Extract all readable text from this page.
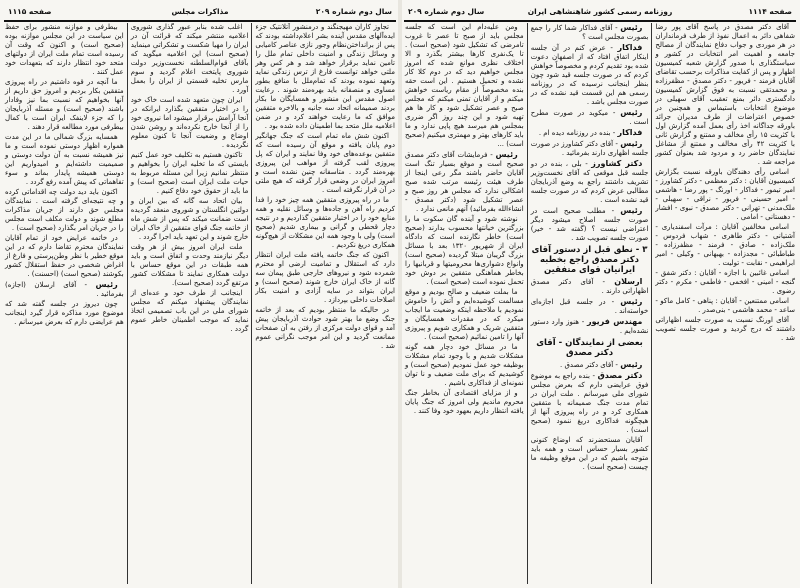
سال دوم شماره ۲۰۹
مذاکرات مجلس
صفحه ۱۱۱۵

تجاوز کاران مهیجنگند و درمنشور آتلانتیک جزء ایده‌آلهای مقدس آینده بشر اعلام‌داشته بودند که پس از برانداختن‌نظام وجور نازی عناصر کامیابی و وسائل زندگی و امنیت داخلی تمام ملل را تامین نماید برقرار خواهد شد و هر کس وهر ملتی خواهد توانست فارغ از ترس زندگی نماید وتعهد نموده بودند که تمام‌ملل با منافع بطور مساوی و منصفانه باید بهره‌مند شوند . رعایت اصول مقدس این منشور و همسایگان ما بکار بردند صمیمانه اتحاد سه جانبه و بالاخره متفقین موافق که ما رعایت خواهند کرد و در ضمن اعلامیه ملل متحد بما اطمینان داده شده بود .

اکنون شش ماه تمام است که جنگ جهانگیر دوم پایان یافته و موقع آن رسیده است که متفقین بوعده‌های خود وفا نمایند و ایران که پل پیروزی لقب گرفته از مواهب این پیروزی بهره‌مند گردد . متاسفانه چنین نشده است و امروز ایران در وضعی قرار گرفته که هیچ ملتی در آن قرار نگرفته است .

ما در راه پیروزی متفقین همه چیز خود را فدا کردیم راه آهن و جاده‌ها و وسائل نقلیه و همه منابع خود را در اختیار متفقین گذاردیم و در نتیجه دچار قحطی و گرانی و بیماری شدیم (صحیح است) ولی با وجود همه این مشکلات از هیچ‌گونه همکاری دریغ نکردیم .

اکنون که جنگ خاتمه یافته ملت ایران انتظار دارد که استقلال و تمامیت ارضی او محترم شمرده شود و نیروهای خارجی طبق پیمان سه گانه از خاک ایران خارج شوند (صحیح است) و ایران بتواند در سایه آزادی و امنیت بکار اصلاحات داخلی بپردازد .

در حالیکه ما منتظر بودیم که بعد از خاتمه جنگ وضع ما بهتر شود حوادث آذربایجان پیش آمد و قوای دولت مرکزی از رفتن به آن صفحات ممانعت گردید و این امر موجب نگرانی عموم شد .

اغلب شده بنابر عبور گذاری شوروی اعلامیه منتشر میکند که قرائت آن در ایران را مهیا شکست و تشکراتی مینماید (صحیح است) این اعلامیه میگوید که بآقای قوام‌السلطنه نخست‌وزیر دولت شوروی پایتخت اعلام گردید و سوم مارس تخلیه قسمتی از ایران را بعمل آورد .

ایران چون متعهد شده است خاک خود را در اختیار متفقین بگذارد ایرانکه در آنجا آرامش برقرار میشود اما نیروی خود را از آنجا خارج نکرده‌اند و روشن شدن اوضاع و وضعیت آنجا تا کنون معلوم نگردیده .

تاکنون هستیم به تکلیف خود عمل کنیم بایستی که ما تخلیه ایران را بخواهیم و منتظر نمانیم زیرا این مسئله مربوط به حیات ملت ایران است (صحیح است) و ما باید از حقوق خود دفاع کنیم .

بیان اتحاد سه گانه که بین ایران و دولتین انگلستان و شوروی منعقد گردیده است ضمانت میکند که پس از شش ماه از خاتمه جنگ قوای متفقین از خاک ایران خارج شوند و این تعهد باید اجرا گردد .

ملت ایران امروز بیش از هر وقت دیگر نیازمند وحدت و اتفاق است و باید همه طبقات در این موقع حساس با دولت همکاری نمایند تا مشکلات کشور مرتفع گردد (صحیح است).

اینجانب از طرف خود و عده‌ای از نمایندگان پیشنهاد میکنم که مجلس شورای ملی در این باب تصمیمی اتخاذ نماید که موجب اطمینان خاطر عموم گردد .

بیطرفی و موازنه منشور برای حفظ این سیاست در این مجلس موازنه بوده (صحیح است) و اکنون که وقت آن رسیده است تمام ملت ایران از دولتهای متحد خود انتظار دارند که بتعهدات خود عمل کنند .

ما آنچه در قوه داشتیم در راه پیروزی متفقین بکار بردیم و امروز حق داریم از آنها بخواهیم که نسبت بما نیز وفادار باشند (صحیح است) و مسئله آذربایجان را که جزء لاینفک ایران است با کمال بیطرفی مورد مطالعه قرار دهند .

همسایه بزرگ شمالی ما در این مدت همواره اظهار دوستی نموده است و ما نیز همیشه نسبت به آن دولت دوستی و صمیمیت داشته‌ایم و امیدواریم این دوستی همیشه پایدار بماند و سوء تفاهماتی که پیش آمده رفع گردد .

اکنون باید دید دولت چه اقداماتی کرده و چه نتیجه‌ای گرفته است . نمایندگان مجلس حق دارند از جریان مذاکرات مطلع شوند و دولت مکلف است مجلس را در جریان امر بگذارد (صحیح است) .

در خاتمه عرایض خود از تمام آقایان نمایندگان محترم تقاضا دارم که در این موقع خطیر با نظر وطن‌پرستی و فارغ از اغراض شخصی در حفظ استقلال کشور بکوشند (صحیح است) (احسنت) .

رئیس - آقای ارسلان (اجازه) بفرمائید .

چون دیروز در جلسه گفته شد که موضوع مورد مذاکره قرار گیرد اینجانب هم عرایضی دارم که بعرض میرسانم .

صفحه ۱۱۱۴
روزنامه رسمی کشور شاهنشاهی ایران
سال دوم شماره ۲۰۹

آقای دکتر مصدق در پاسخ آقای پور رضا شفاهی دائر به اعمال نفوذ از طرف فرمانداران در هر موردی و جواب دفاع نمایندگان از مصالح جامعه و اهمیت امر انتخابات در کشور و سیاستگذاری با صدور گزارش شعبه کمیسیون اظهار و پس از کفایت مذاکرات برحسب تقاضای آقایان فرمند - فریور - دکتر مصدق - مظفرزاده و محمدتقی نسبت به فوق گزارش کمیسیون دادگستری دائر بمنع تعقیب آقای سهیلی در موضوع انتخابات باستیماس و همچنین در خصوص اعتراضات از طرف مدیران جرائد باورقه جداگانه اخذ رأی بعمل آمده گزارش اول با کثریت ۱۵ رأی مخالف و ممتنع و گزارش ثانی با کثریت ۴۲ رأی مخالف و ممتنع از مشاغل نمایندگان حاضر رد و مردود شد بعنوان کشور مراجعه شد .

اسامی رأی دهندگان باورقه نسبت بگزارش کمیسیون آقایان : دکتر معظمی - دکتر کشاورز - امیر تیمور - فداکار - اورنگ - پور رضا - هاشمی - امیر حسینی - فریور - نراقی - سهیلی - ملک‌مدنی - تهرانی - دکتر مصدق - نبوی - افشار - دهستانی - امامی .

اسامی مخالفین آقایان : مرآت اسفندیاری - آشتیانی - دکتر طاهری - شهاب فردوس - ملک‌زاده - صادق - فرمند - مظفرزاده - طباطبائی - مجدزاده - بهبهانی - وکیلی - امیر ابراهیمی - نقابت - تولیت .

اسامی غائبین با اجازه - آقایان : دکتر شفق - گنجه - امینی - افخمی - فاطمی - مکرم - دکتر رضوی .

اسامی ممتنعین - آقایان : پناهی - کامل ماکو - ساعد - محمد هاشمی - بنی‌صدر .

آقای اورنگ نسبت به صورت جلسه اظهاراتی داشتند که درج گردید و صورت جلسه تصویب شد .

رئیس - آقای فداکار شما کار را جمع بصورت مجلس است ؟

فداکار - عرض کنم در آن جلسه اینکار اتفاق افتاد که از اصفهان دعوت شده بود تقدیم کردم و مخصوصاً خواهش کردم که در صورت جلسه قید شود چون بنظر اینجانب نرسیده که در روزنامه رسمی هم این قسمت قید نشده که در صورت مجلس باشد .

رئیس - میکوید در صورت مطرح است .

فداکار - بنده در روزنامه دیده ام .

رئیس - آقای دکتر کشاورز در صورت جلسه اظهاری دارند بفرمائید .

دکتر کشاورز - بلی ، بنده در دو جلسه قبل موقعی که آقای نخست‌وزیر تشریف داشتند راجع به وضع آذربایجان مطالبی عرض کردم که در صورت جلسه قید نشده است .

رئیس - مطلب صحیح است در صورت جلسه اصلاح میشود دیگر اعتراضی نیست ؟ (گفته شد - خیر) صورت جلسه تصویب شد .

۳ - نطق قبل از دستور آقای دکتر مصدق راجع بخطبه ایرانیان قوای متفقین

ارسلان - آقای دکتر مصدق اظهاراتی دارند .

رئیس - در جلسه قبل اجازه‌ای خواسته‌اند .

مهندس فریور - هنوز وارد دستور نشده‌ایم .

بعضی از نمایندگان - آقای دکتر مصدق

رئیس - آقای دکتر مصدق .

دکتر مصدق - بنده راجع به موضوع فوق عرایضی دارم که بعرض مجلس شورای ملی میرسانم . ملت ایران در تمام مدت جنگ صمیمانه با متفقین همکاری کرد و در راه پیروزی آنها از هیچگونه فداکاری دریغ ننمود (صحیح است) .

آقایان مستحضرند که اوضاع کنونی کشور بسیار حساس است و همه باید متوجه باشیم که در این موقع وظیفه ما چیست (صحیح است) .

ومن علیه‌دام این است که جلسه مجلس باید از صبح تا عصر تا غروب تامرضی که تشکیل شود (صحیح است) . تا یک‌نفری کارها بیشتر بگذرد و الا اختلاف نظری موانع شده که امروز مجلس خواهیم دید که در دوم کلا کار نشده و تحمیل هستیم . این است حقه بنده مخصوصاً از مقام ریاست خواهش میکنم و از آقایان تمنی میکنم که مجلس صبح و عصر تشکیل شود و کار ها هم تهیه شود و این چند روز اگر ضرری بمجلس هم میرسد هیچ پاپی ندارد و ما باید کارهای بهتر و مهمتری میکنیم (صحیح است) ...

رئیس - فرمایشات آقای دکتر مصدق صحیح است و موقع بسیار تنگ است آقایان حاضر باشند مگر رعی اینجا از طرف هیئت رئیسه مرتب شده صبح اشکالی ندارد که مجلس هر روز صبح و عصر تشکیل شود (دکتر مصدق - انشاءالله بفرمائید) آنهم مانعی ندارد .

نوشته شود و آینده گان سکوت ما را بزرگترین خیانتها محسوب بدارند (صحیح است) خاطر نگارنده است که دادگاه ایران از شهریور ۱۳۲۰ بعد با مسائل بزرگ گریبان مبتلا گردیده (صحیح است) وانواع دشواری‌ها محرومیتها و قربانیها را بخاطر هماهنگی متفقین بر دوش خود تحمل نموده است (صحیح است) .

ما بملت ضعیف و صالح بودیم و موقع مسالمت کوشیده‌ایم و آتش را خاموش نمودیم با ملاحظه اینکه وضعیت ما ایجاب میکرد که در مقدرات همسایگان و متفقین شریک و همکاری شویم و پیروزی آنها را تامین نمائیم (صحیح است) .

ما در مسائل خود دچار همه گونه مشکلات شدیم و با وجود تمام مشکلات بوظیفه خود عمل نمودیم (صحیح است) و کوشیدیم که برای ملت ضعیف و نا توان نمونه‌ای از فداکاری باشیم .

و از مزایای اقتصادی آن بخاطر جنگ محروم ماندیم ولی امروز که جنگ پایان یافته انتظار داریم بعهود خود وفا کنند .
